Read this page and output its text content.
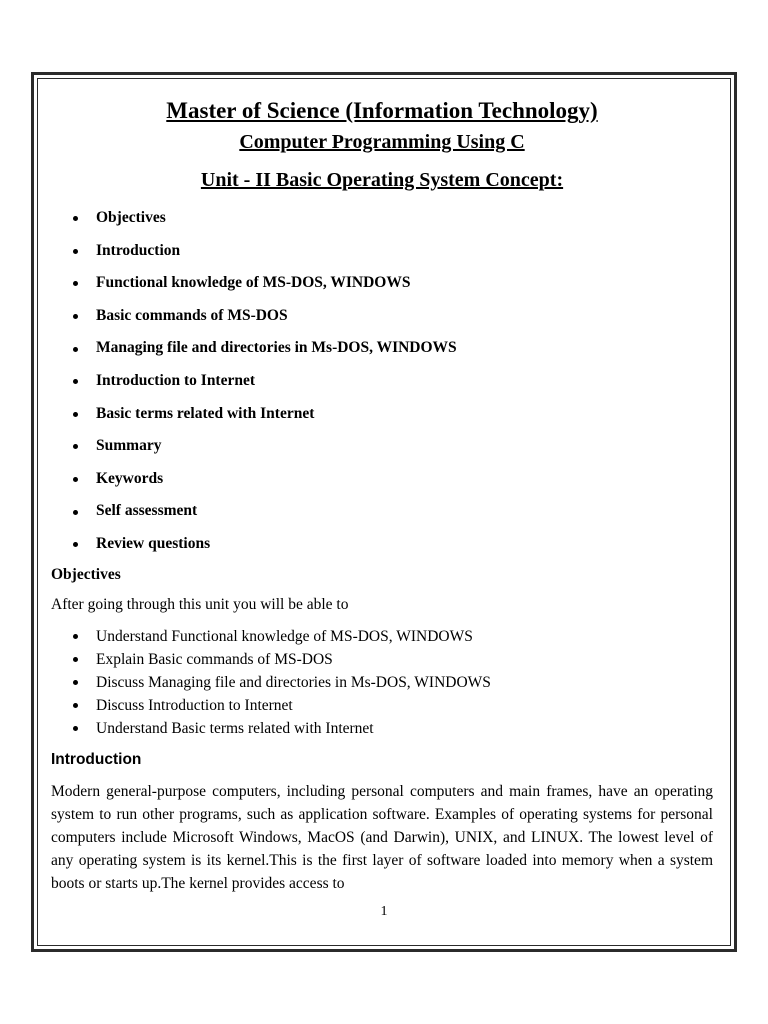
Master of Science (Information Technology)
Computer Programming Using C
Unit - II Basic Operating System Concept:
Objectives
Introduction
Functional knowledge of MS-DOS, WINDOWS
Basic commands of MS-DOS
Managing file and directories in Ms-DOS, WINDOWS
Introduction to Internet
Basic terms related with Internet
Summary
Keywords
Self assessment
Review questions
Objectives

After going through this unit you will be able to

Understand Functional knowledge of MS-DOS, WINDOWS
Explain Basic commands of MS-DOS
Discuss Managing file and directories in Ms-DOS, WINDOWS
Discuss Introduction to Internet
Understand Basic terms related with Internet
Introduction

Modern general-purpose computers, including personal computers and main frames, have an operating system to run other programs, such as application software. Examples of operating systems for personal computers include Microsoft Windows, MacOS (and Darwin), UNIX, and LINUX. The lowest level of any operating system is its kernel.This is the first layer of software loaded into memory when a system boots or starts up.The kernel provides access to

1
